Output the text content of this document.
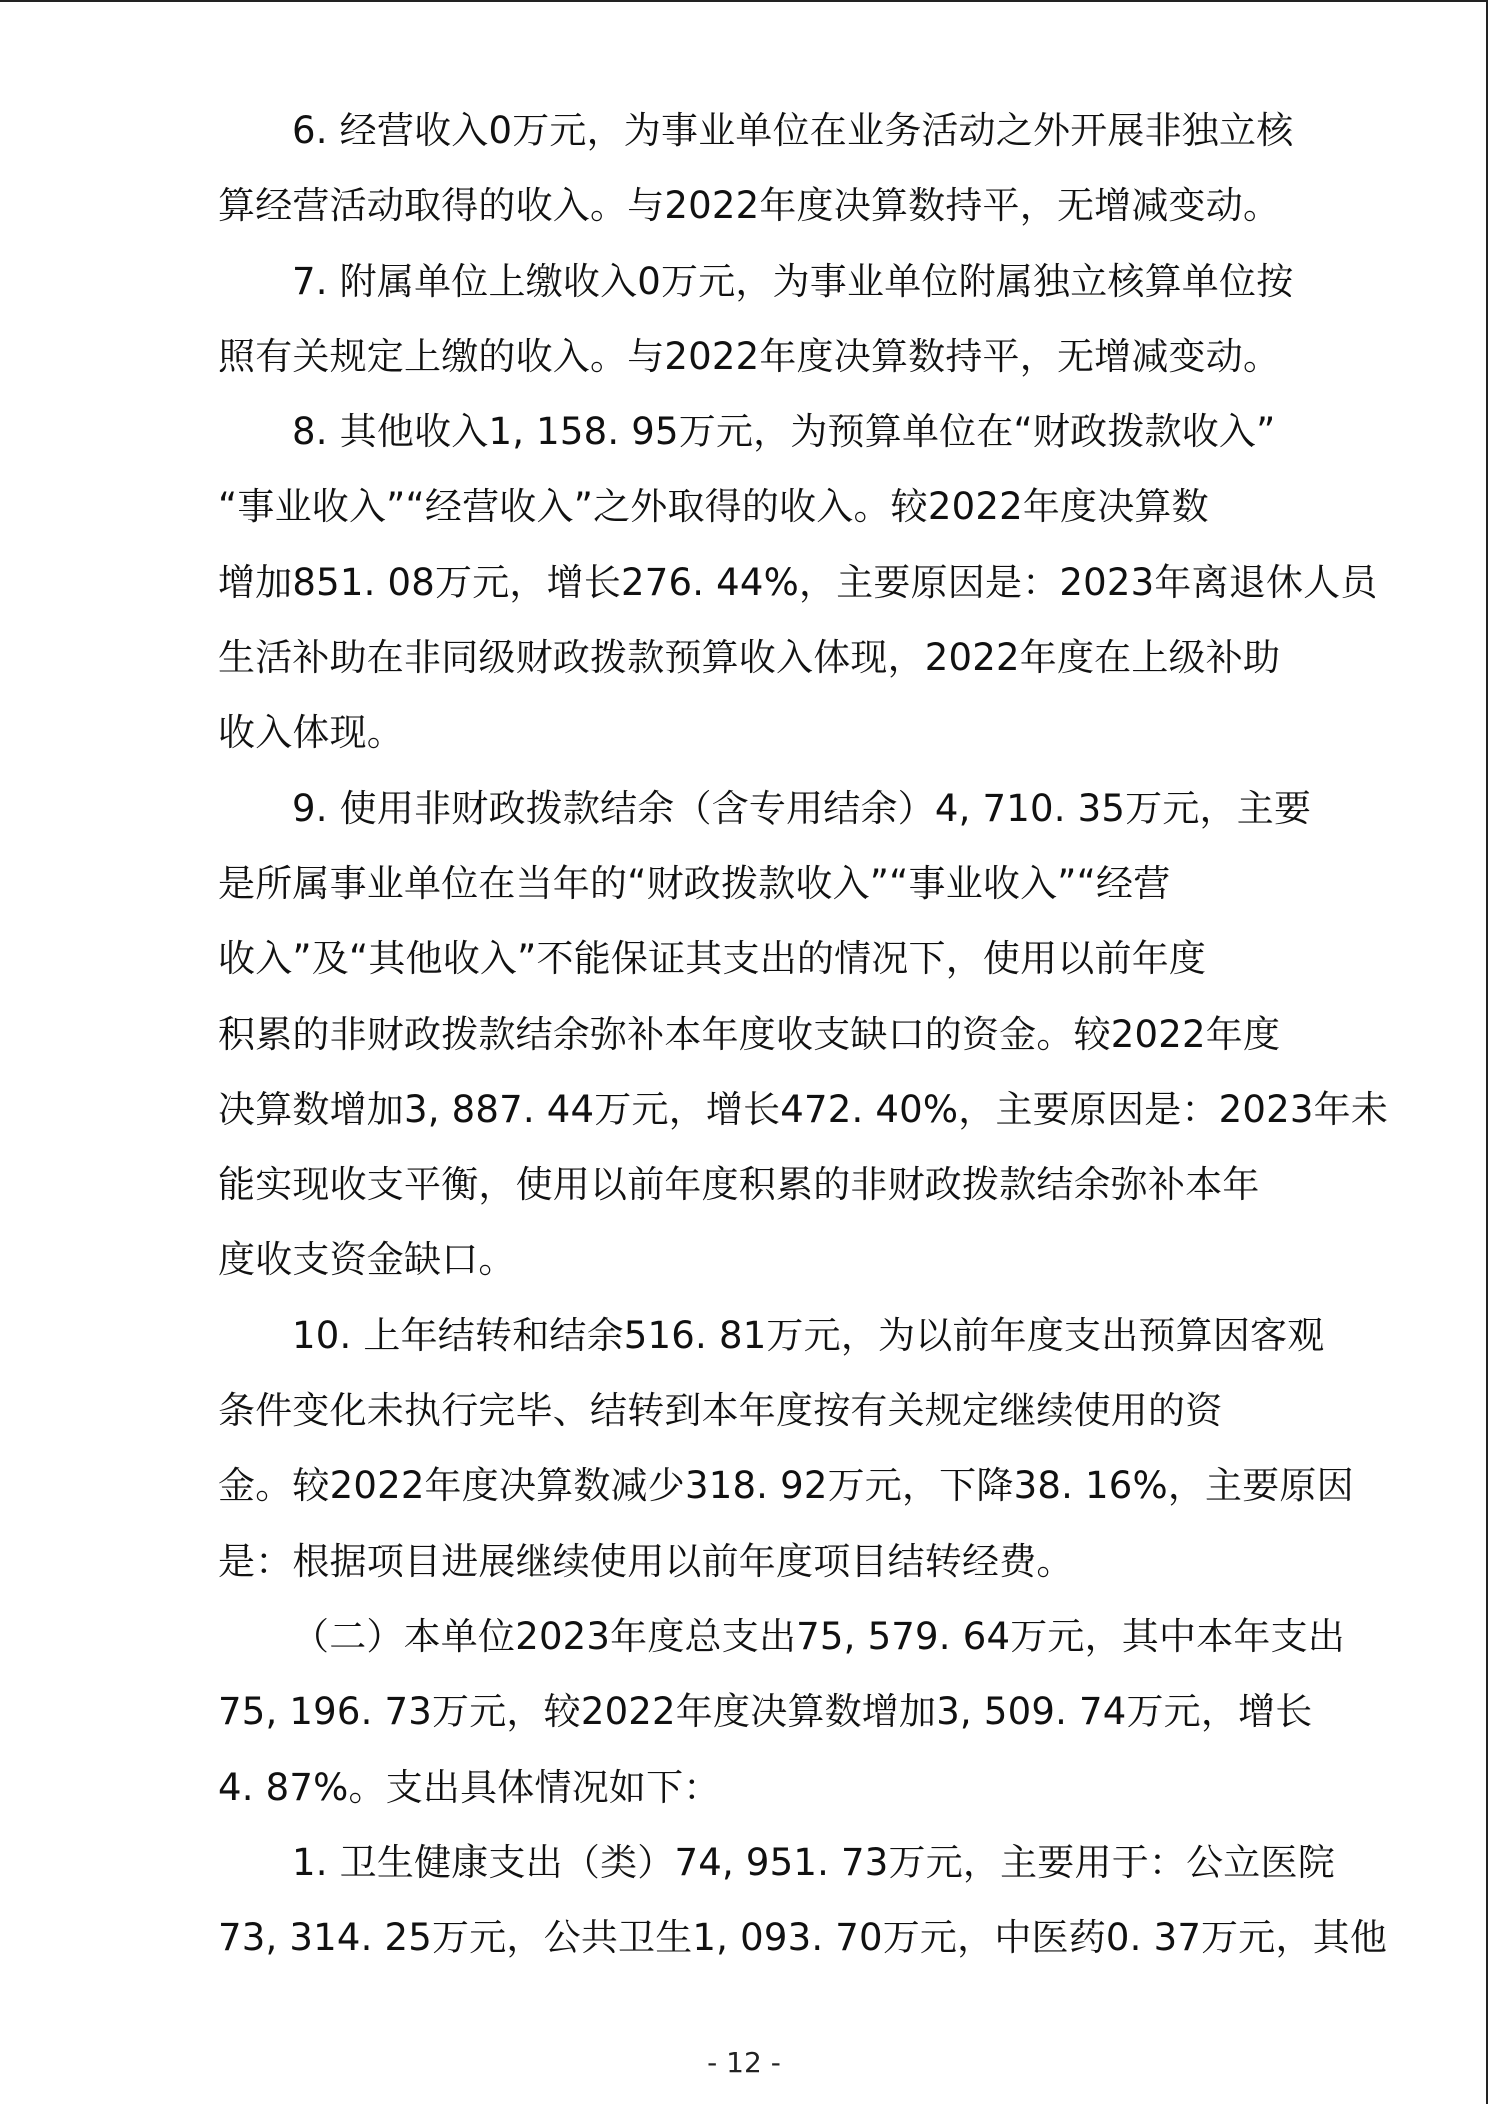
6. 经营收入0万元，为事业单位在业务活动之外开展非独立核
算经营活动取得的收入。与2022年度决算数持平，无增减变动。
7. 附属单位上缴收入0万元，为事业单位附属独立核算单位按
照有关规定上缴的收入。与2022年度决算数持平，无增减变动。
8. 其他收入1, 158. 95万元，为预算单位在“财政拨款收入”
“事业收入”“经营收入”之外取得的收入。较2022年度决算数
增加851. 08万元，增长276. 44%，主要原因是：2023年离退休人员
生活补助在非同级财政拨款预算收入体现，2022年度在上级补助
收入体现。
9. 使用非财政拨款结余（含专用结余）4, 710. 35万元，主要
是所属事业单位在当年的“财政拨款收入”“事业收入”“经营
收入”及“其他收入”不能保证其支出的情况下，使用以前年度
积累的非财政拨款结余弥补本年度收支缺口的资金。较2022年度
决算数增加3, 887. 44万元，增长472. 40%，主要原因是：2023年未
能实现收支平衡，使用以前年度积累的非财政拨款结余弥补本年
度收支资金缺口。
10. 上年结转和结余516. 81万元，为以前年度支出预算因客观
条件变化未执行完毕、结转到本年度按有关规定继续使用的资
金。较2022年度决算数减少318. 92万元，下降38. 16%，主要原因
是：根据项目进展继续使用以前年度项目结转经费。
（二）本单位2023年度总支出75, 579. 64万元，其中本年支出
75, 196. 73万元，较2022年度决算数增加3, 509. 74万元，增长
4. 87%。支出具体情况如下：
1. 卫生健康支出（类）74, 951. 73万元，主要用于：公立医院
73, 314. 25万元，公共卫生1, 093. 70万元，中医药0. 37万元，其他
- 12 -
